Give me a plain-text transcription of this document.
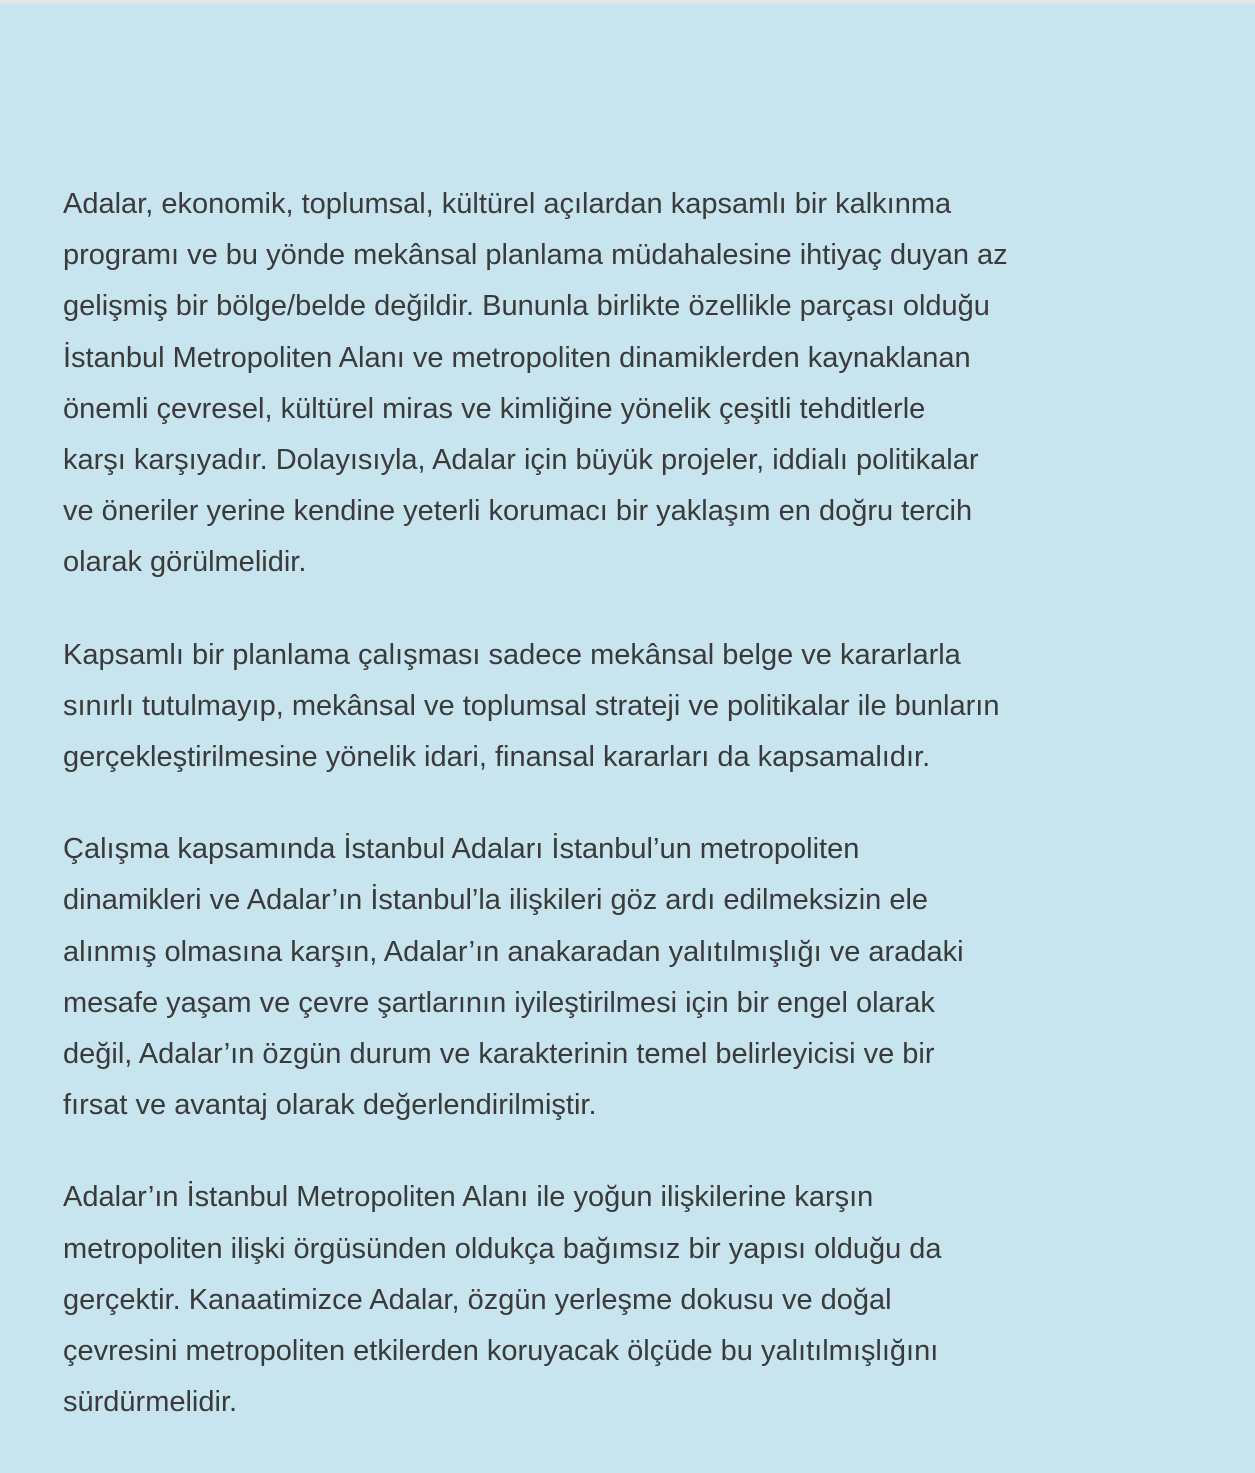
Adalar, ekonomik, toplumsal, kültürel açılardan kapsamlı bir kalkınma
programı ve bu yönde mekânsal planlama müdahalesine ihtiyaç duyan az
gelişmiş bir bölge/belde değildir. Bununla birlikte özellikle parçası olduğu
İstanbul Metropoliten Alanı ve metropoliten dinamiklerden kaynaklanan
önemli çevresel, kültürel miras ve kimliğine yönelik çeşitli tehditlerle
karşı karşıyadır. Dolayısıyla, Adalar için büyük projeler, iddialı politikalar
ve öneriler yerine kendine yeterli korumacı bir yaklaşım en doğru tercih
olarak görülmelidir.

Kapsamlı bir planlama çalışması sadece mekânsal belge ve kararlarla
sınırlı tutulmayıp, mekânsal ve toplumsal strateji ve politikalar ile bunların
gerçekleştirilmesine yönelik idari, finansal kararları da kapsamalıdır.

Çalışma kapsamında İstanbul Adaları İstanbul’un metropoliten
dinamikleri ve Adalar’ın İstanbul’la ilişkileri göz ardı edilmeksizin ele
alınmış olmasına karşın, Adalar’ın anakaradan yalıtılmışlığı ve aradaki
mesafe yaşam ve çevre şartlarının iyileştirilmesi için bir engel olarak
değil, Adalar’ın özgün durum ve karakterinin temel belirleyicisi ve bir
fırsat ve avantaj olarak değerlendirilmiştir.

Adalar’ın İstanbul Metropoliten Alanı ile yoğun ilişkilerine karşın
metropoliten ilişki örgüsünden oldukça bağımsız bir yapısı olduğu da
gerçektir. Kanaatimizce Adalar, özgün yerleşme dokusu ve doğal
çevresini metropoliten etkilerden koruyacak ölçüde bu yalıtılmışlığını
sürdürmelidir.
